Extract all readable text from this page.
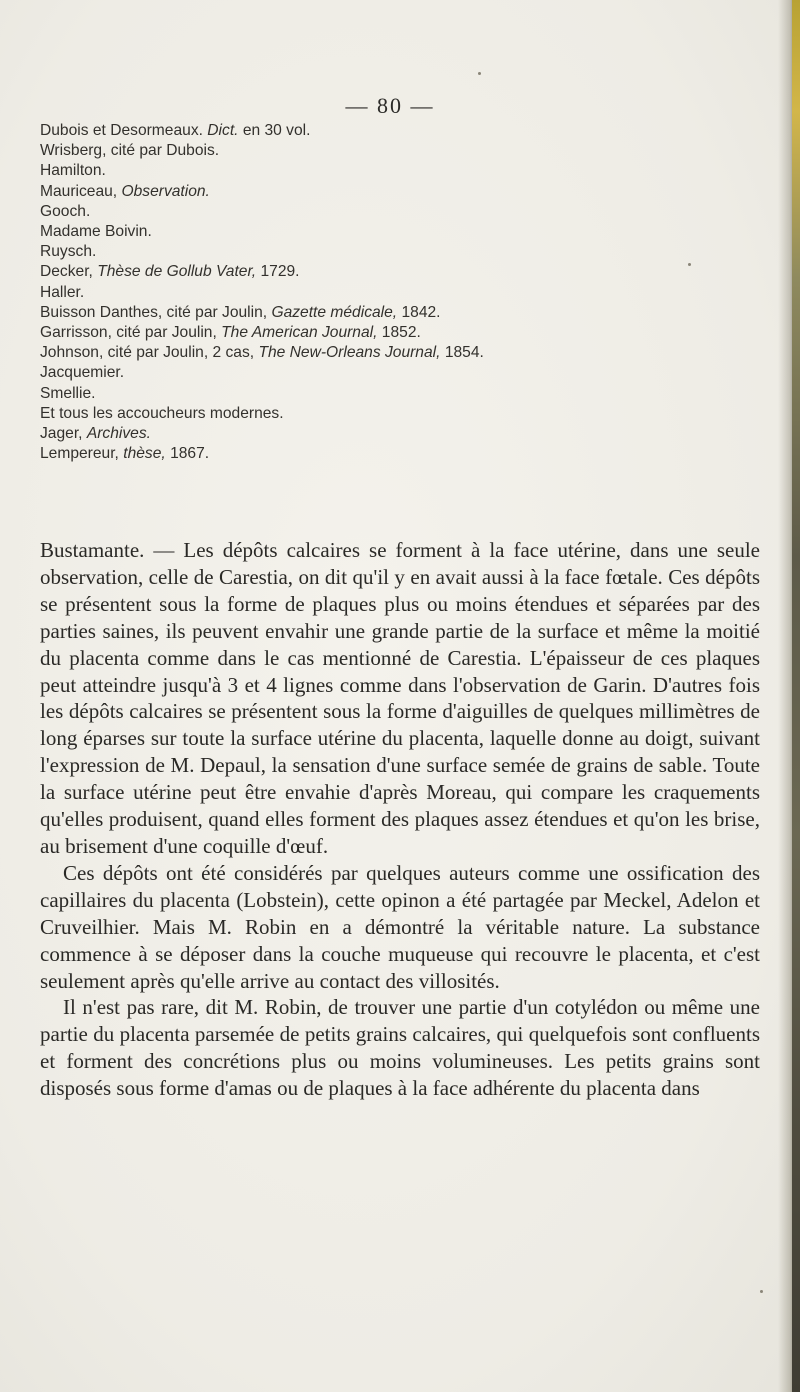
— 80 —
Dubois et Desormeaux. Dict. en 30 vol.
Wrisberg, cité par Dubois.
Hamilton.
Mauriceau, Observation.
Gooch.
Madame Boivin.
Ruysch.
Decker, Thèse de Gollub Vater, 1729.
Haller.
Buisson Danthes, cité par Joulin, Gazette médicale, 1842.
Garrisson, cité par Joulin, The American Journal, 1852.
Johnson, cité par Joulin, 2 cas, The New-Orleans Journal, 1854.
Jacquemier.
Smellie.
Et tous les accoucheurs modernes.
Jager, Archives.
Lempereur, thèse, 1867.

Bustamante. — Les dépôts calcaires se forment à la face utérine, dans une seule observation, celle de Carestia, on dit qu'il y en avait aussi à la face fœtale. Ces dépôts se présentent sous la forme de plaques plus ou moins étendues et séparées par des parties saines, ils peuvent envahir une grande partie de la surface et même la moitié du placenta comme dans le cas mentionné de Carestia. L'épaisseur de ces plaques peut atteindre jusqu'à 3 et 4 lignes comme dans l'observation de Garin. D'autres fois les dépôts calcaires se présentent sous la forme d'aiguilles de quelques millimètres de long éparses sur toute la surface utérine du placenta, laquelle donne au doigt, suivant l'expression de M. Depaul, la sensation d'une surface semée de grains de sable. Toute la surface utérine peut être envahie d'après Moreau, qui compare les craquements qu'elles produisent, quand elles forment des plaques assez étendues et qu'on les brise, au brisement d'une coquille d'œuf.

Ces dépôts ont été considérés par quelques auteurs comme une ossification des capillaires du placenta (Lobstein), cette opinon a été partagée par Meckel, Adelon et Cruveilhier. Mais M. Robin en a démontré la véritable nature. La substance commence à se déposer dans la couche muqueuse qui recouvre le placenta, et c'est seulement après qu'elle arrive au contact des villosités.

Il n'est pas rare, dit M. Robin, de trouver une partie d'un cotylédon ou même une partie du placenta parsemée de petits grains calcaires, qui quelquefois sont confluents et forment des concrétions plus ou moins volumineuses. Les petits grains sont disposés sous forme d'amas ou de plaques à la face adhérente du placenta dans
